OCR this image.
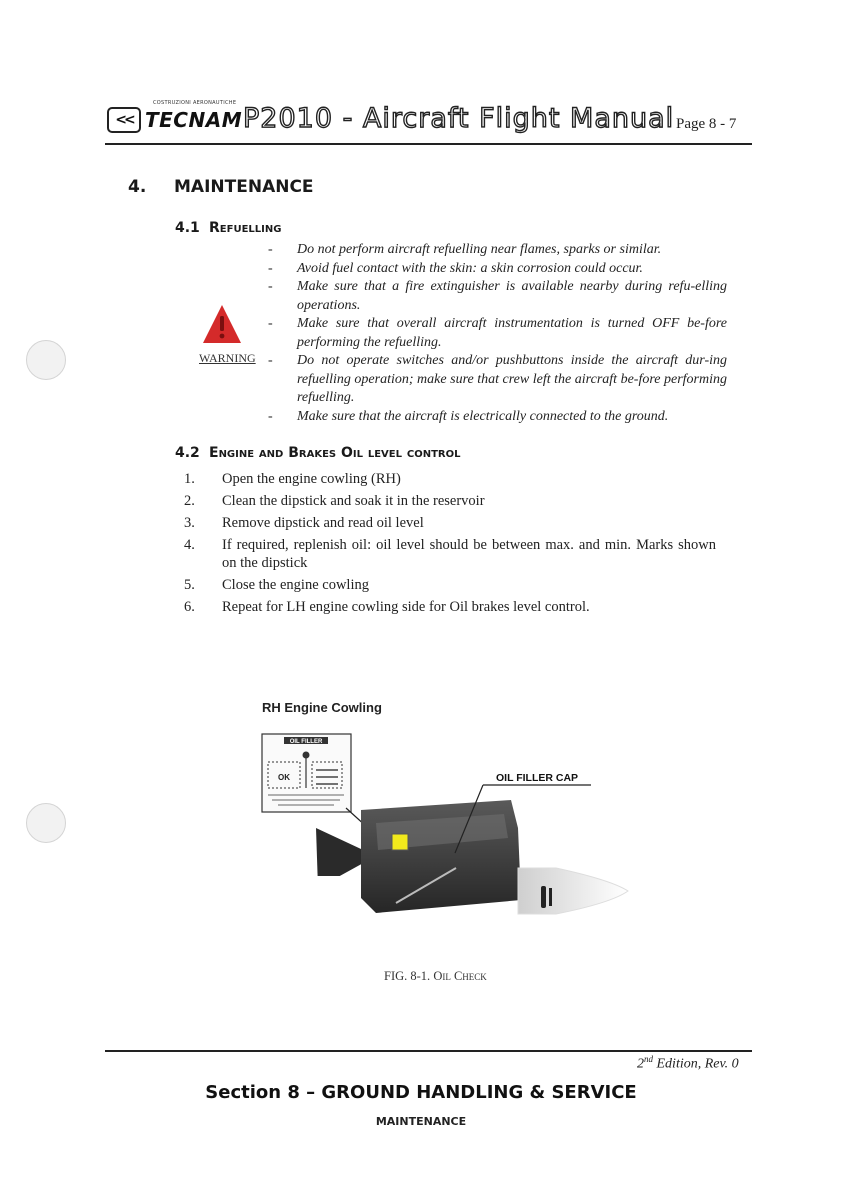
<<
COSTRUZIONI AERONAUTICHE
TECNAM P2010 - Aircraft Flight Manual Page 8 - 7
4. MAINTENANCE
4.1 Refuelling
WARNING
- Do not perform aircraft refuelling near flames, sparks or similar.
- Avoid fuel contact with the skin: a skin corrosion could occur.
- Make sure that a fire extinguisher is available nearby during refu-elling operations.
- Make sure that overall aircraft instrumentation is turned OFF be-fore performing the refuelling.
- Do not operate switches and/or pushbuttons inside the aircraft dur-ing refuelling operation; make sure that crew left the aircraft be-fore performing refuelling.
- Make sure that the aircraft is electrically connected to the ground.
4.2 Engine and Brakes Oil level control
1. Open the engine cowling (RH)
2. Clean the dipstick and soak it in the reservoir
3. Remove dipstick and read oil level
4. If required, replenish oil: oil level should be between max. and min. Marks shown on the dipstick
5. Close the engine cowling
6. Repeat for LH engine cowling side for Oil brakes level control.
RH Engine Cowling
OIL FILLER
OK	OIL FILLER CAP
FIG. 8-1. Oil Check
2nd Edition, Rev. 0
Section 8 – GROUND HANDLING & SERVICE
MAINTENANCE
